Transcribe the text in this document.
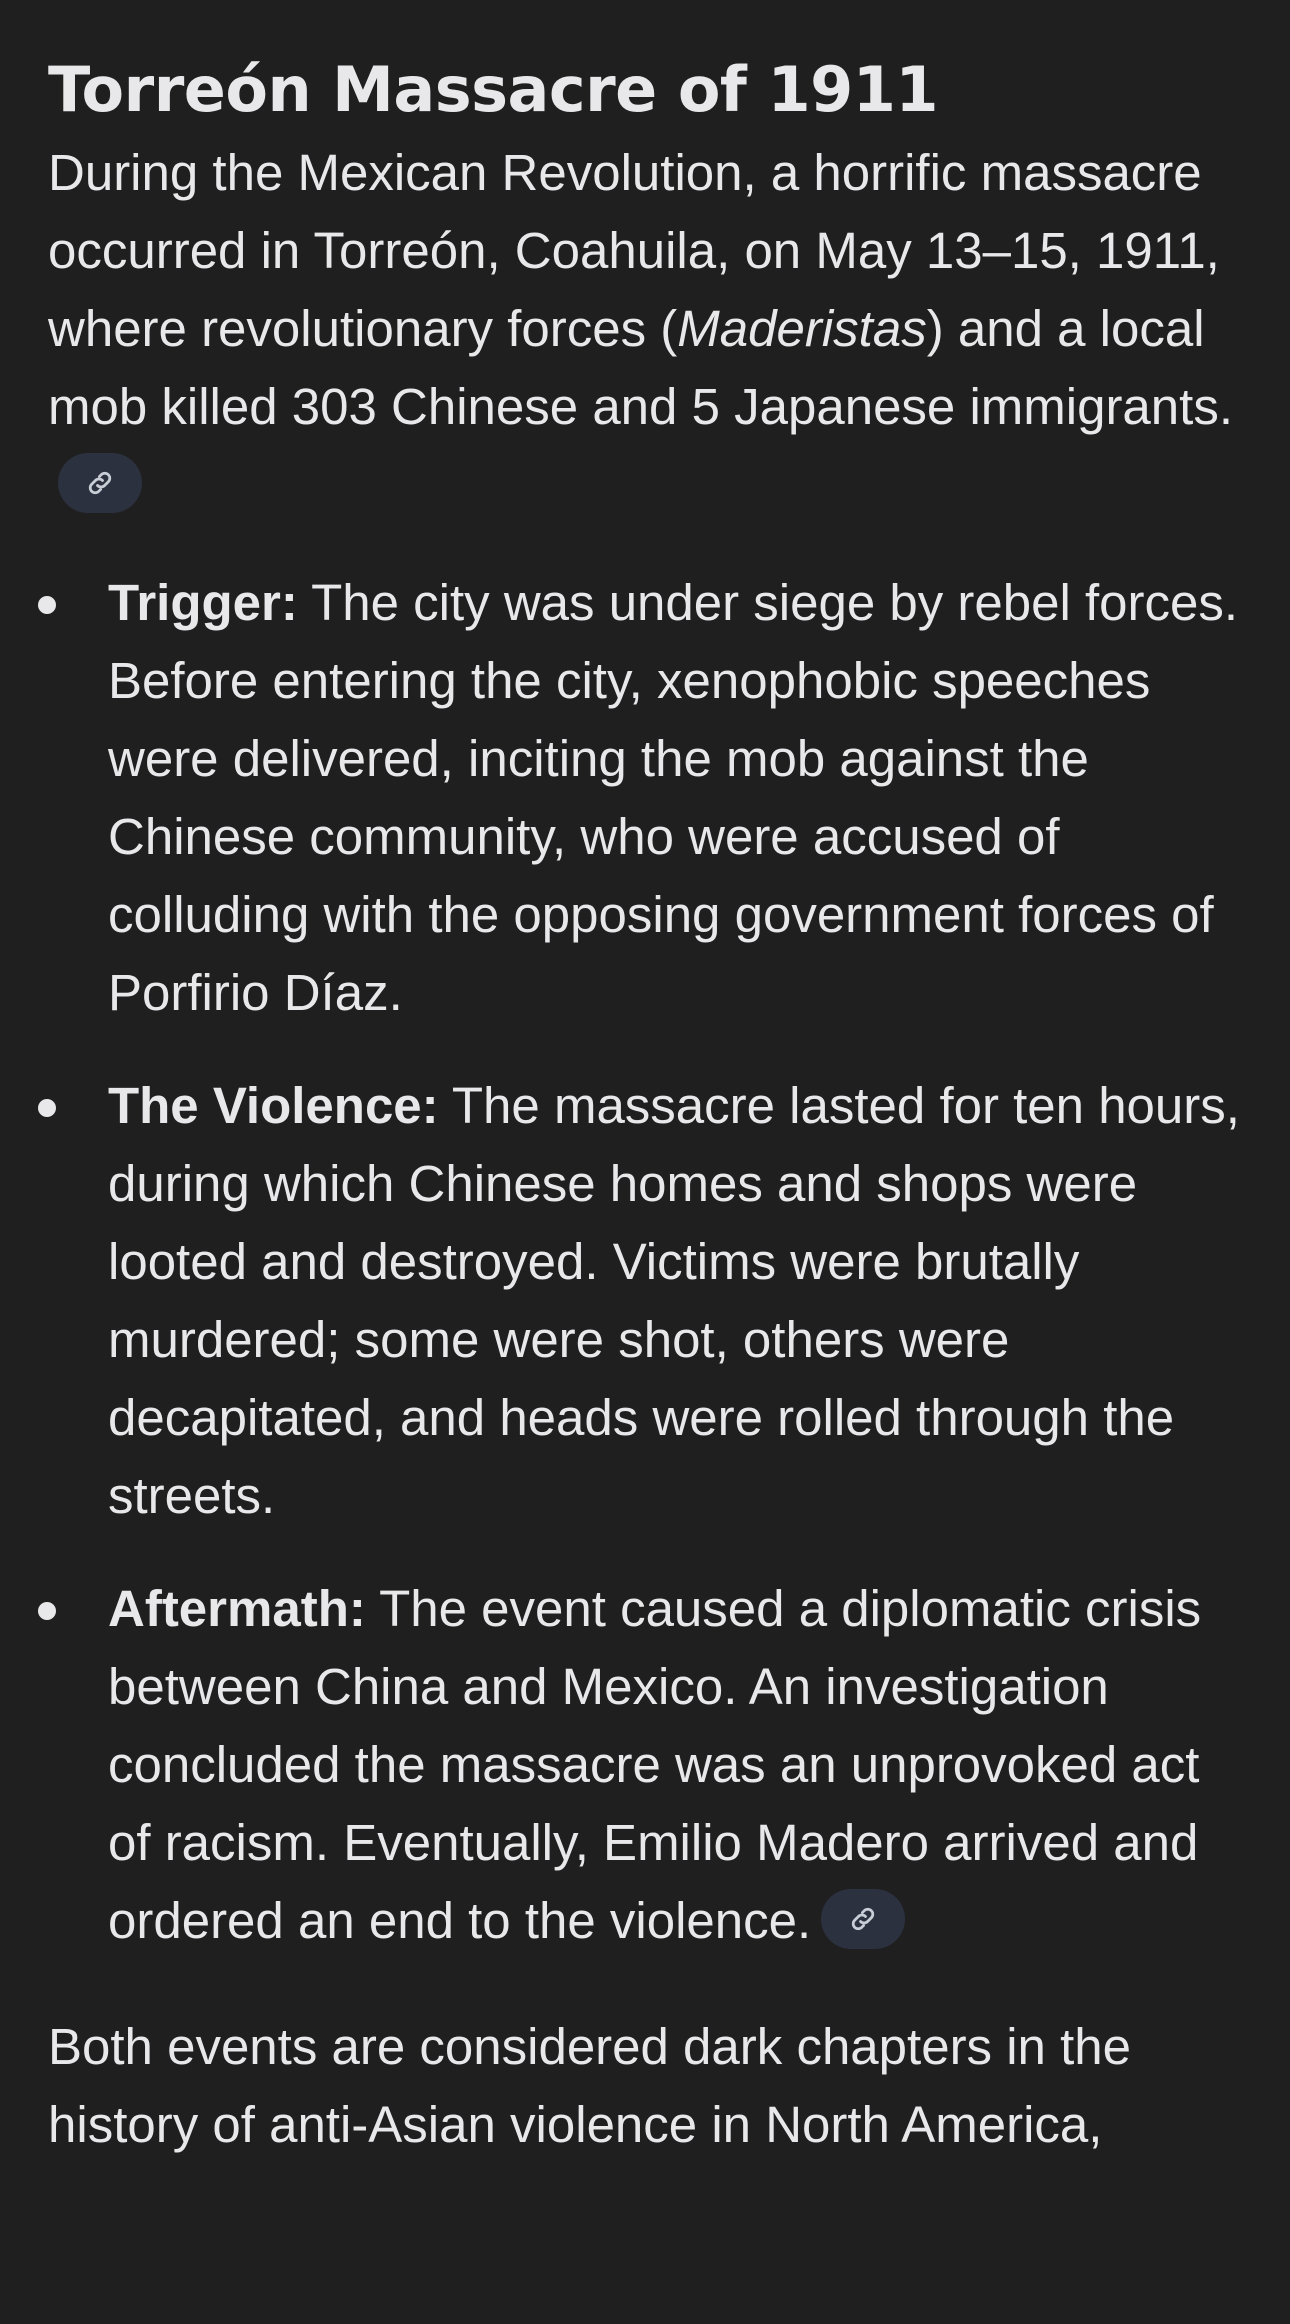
Torreón Massacre of 1911

During the Mexican Revolution, a horrific massacre occurred in Torreón, Coahuila, on May 13–15, 1911, where revolutionary forces (Maderistas) and a local mob killed 303 Chinese and 5 Japanese immigrants.

Trigger: The city was under siege by rebel forces. Before entering the city, xenophobic speeches were delivered, inciting the mob against the Chinese community, who were accused of colluding with the opposing government forces of Porfirio Díaz.
The Violence: The massacre lasted for ten hours, during which Chinese homes and shops were looted and destroyed. Victims were brutally murdered; some were shot, others were decapitated, and heads were rolled through the streets.
Aftermath: The event caused a diplomatic crisis between China and Mexico. An investigation concluded the massacre was an unprovoked act of racism. Eventually, Emilio Madero arrived and ordered an end to the violence.

Both events are considered dark chapters in the history of anti-Asian violence in North America,
